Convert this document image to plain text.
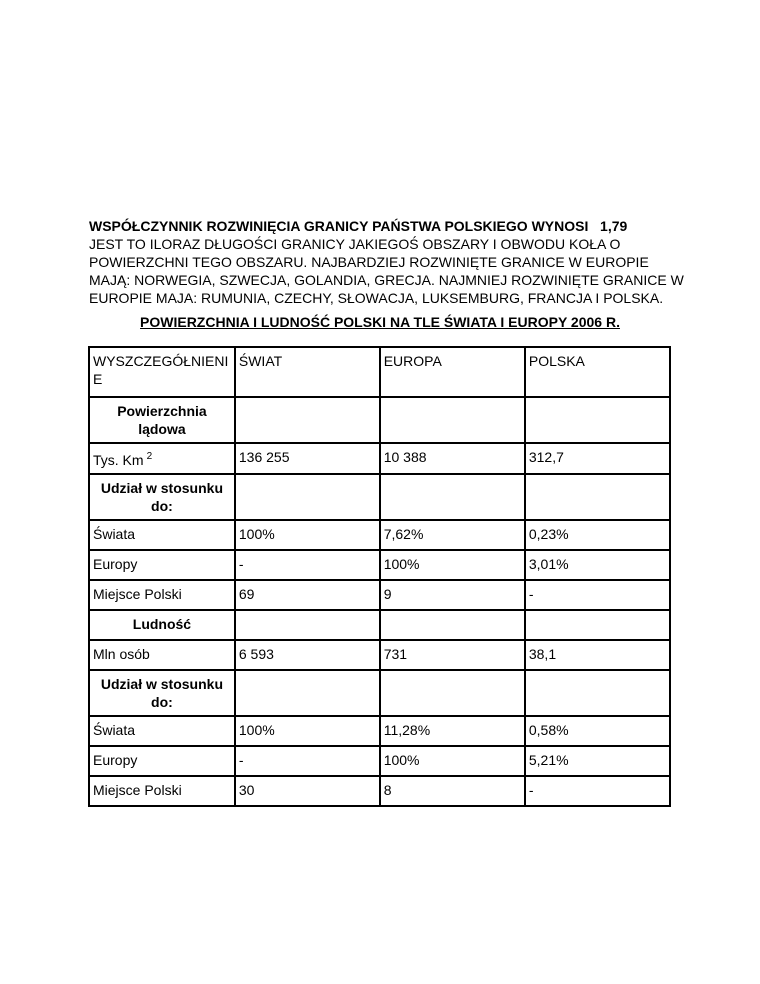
WSPÓŁCZYNNIK ROZWINIĘCIA GRANICY PAŃSTWA POLSKIEGO WYNOSI 1,79

JEST TO ILORAZ DŁUGOŚCI GRANICY JAKIEGOŚ OBSZARY I OBWODU KOŁA O POWIERZCHNI TEGO OBSZARU. NAJBARDZIEJ ROZWINIĘTE GRANICE W EUROPIE MAJĄ: NORWEGIA, SZWECJA, GOLANDIA, GRECJA. NAJMNIEJ ROZWINIĘTE GRANICE W EUROPIE MAJA: RUMUNIA, CZECHY, SŁOWACJA, LUKSEMBURG, FRANCJA I POLSKA.

POWIERZCHNIA I LUDNOŚĆ POLSKI NA TLE ŚWIATA I EUROPY 2006 R.
WYSZCZEGÓŁNIENIE	ŚWIAT	EUROPA	POLSKA
Powierzchnia lądowa			
Tys. Km $^2$	136 255	10 388	312,7
Udział w stosunku do:			
Świata	100%	7,62%	0,23%
Europy	-	100%	3,01%
Miejsce Polski	69	9	-
Ludność			
Mln osób	6 593	731	38,1
Udział w stosunku do:			
Świata	100%	11,28%	0,58%
Europy	-	100%	5,21%
Miejsce Polski	30	8	-
